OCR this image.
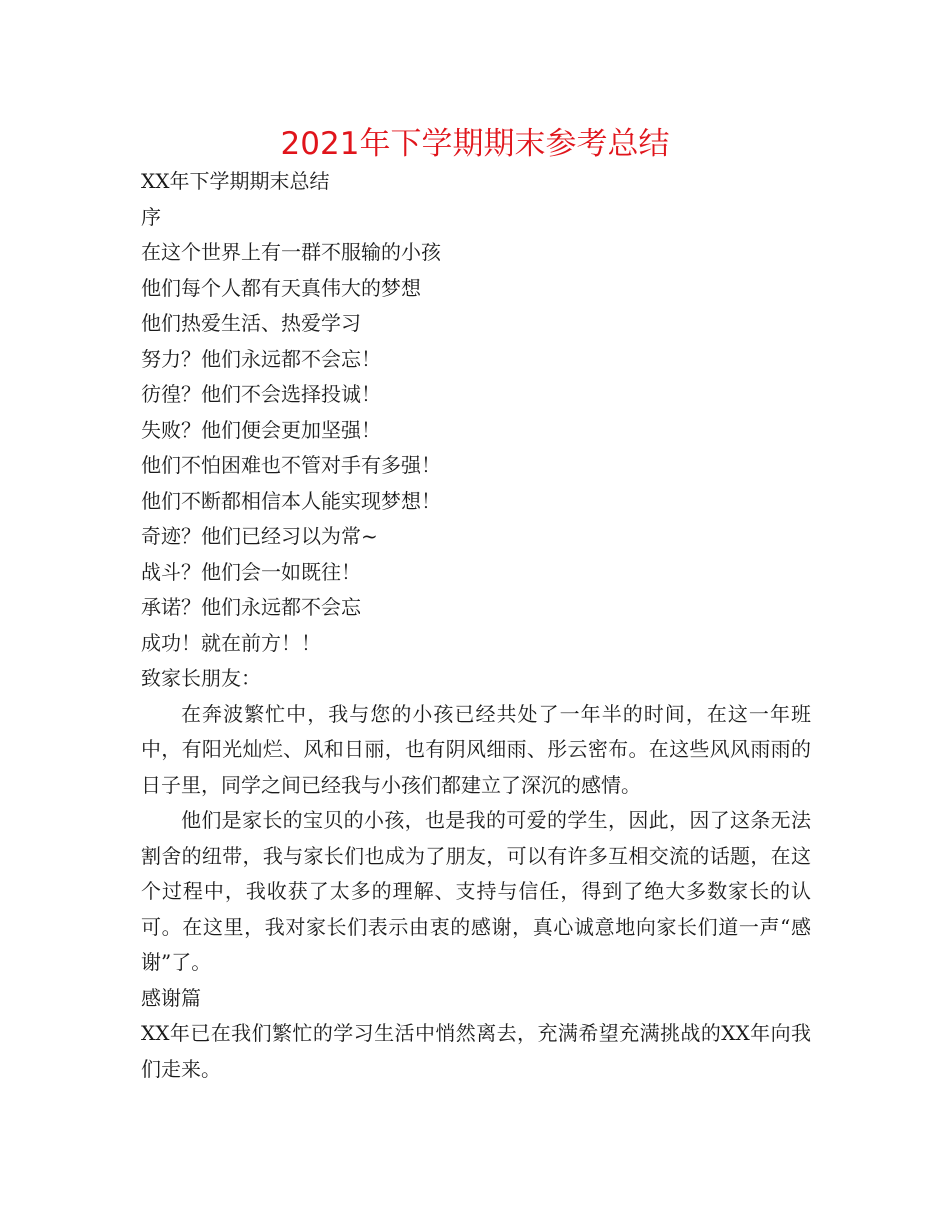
2021年下学期期末参考总结

XX年下学期期末总结

序

在这个世界上有一群不服输的小孩

他们每个人都有天真伟大的梦想

他们热爱生活、热爱学习

努力？他们永远都不会忘！

彷徨？他们不会选择投诚！

失败？他们便会更加坚强！

他们不怕困难也不管对手有多强！

他们不断都相信本人能实现梦想！

奇迹？他们已经习以为常~

战斗？他们会一如既往！

承诺？他们永远都不会忘

成功！就在前方！！

致家长朋友：

在奔波繁忙中，我与您的小孩已经共处了一年半的时间，在这一年班中，有阳光灿烂、风和日丽，也有阴风细雨、彤云密布。在这些风风雨雨的日子里，同学之间已经我与小孩们都建立了深沉的感情。

他们是家长的宝贝的小孩，也是我的可爱的学生，因此，因了这条无法割舍的纽带，我与家长们也成为了朋友，可以有许多互相交流的话题，在这个过程中，我收获了太多的理解、支持与信任，得到了绝大多数家长的认可。在这里，我对家长们表示由衷的感谢，真心诚意地向家长们道一声“感谢”了。

感谢篇

XX年已在我们繁忙的学习生活中悄然离去，充满希望充满挑战的XX年向我们走来。
